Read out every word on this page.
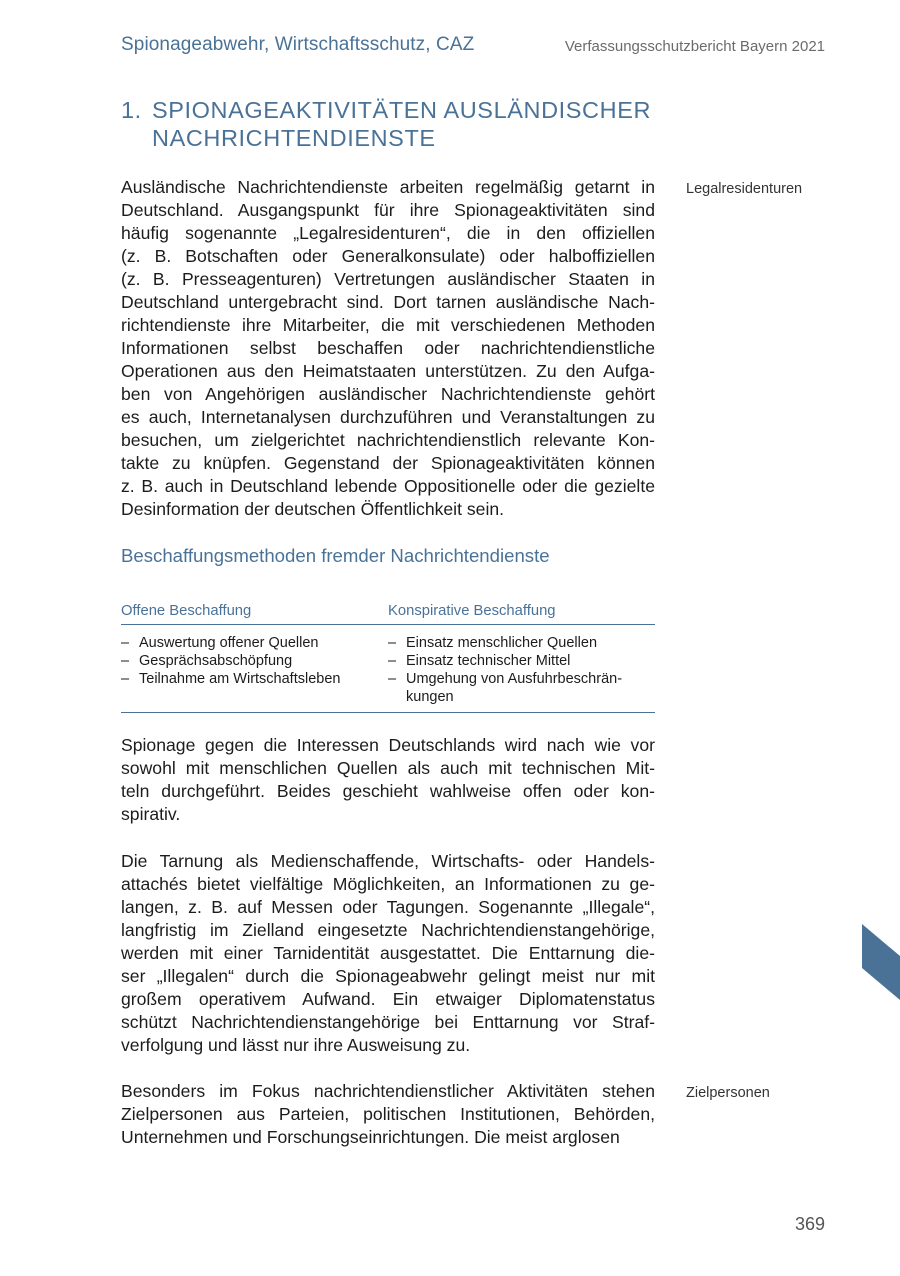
Spionageabwehr, Wirtschaftsschutz, CAZ	Verfassungsschutzbericht Bayern 2021
1. SPIONAGEAKTIVITÄTEN AUSLÄNDISCHER
NACHRICHTENDIENSTE
Ausländische Nachrichtendienste arbeiten regelmäßig getarnt in
Deutschland. Ausgangspunkt für ihre Spionageaktivitäten sind
häufig sogenannte „Legalresidenturen“, die in den offiziellen
(z. B. Botschaften oder Generalkonsulate) oder halboffiziellen
(z. B. Presseagenturen) Vertretungen ausländischer Staaten in
Deutschland untergebracht sind. Dort tarnen ausländische Nach-
richtendienste ihre Mitarbeiter, die mit verschiedenen Methoden
Informationen selbst beschaffen oder nachrichtendienstliche
Operationen aus den Heimatstaaten unterstützen. Zu den Aufga-
ben von Angehörigen ausländischer Nachrichtendienste gehört
es auch, Internetanalysen durchzuführen und Veranstaltungen zu
besuchen, um zielgerichtet nachrichtendienstlich relevante Kon-
takte zu knüpfen. Gegenstand der Spionageaktivitäten können
z. B. auch in Deutschland lebende Oppositionelle oder die gezielte
Desinformation der deutschen Öffentlichkeit sein.
Legalresidenturen
Beschaffungsmethoden fremder Nachrichtendienste
Offene Beschaffung	Konspirative Beschaffung
– Auswertung offener Quellen
– Gesprächsabschöpfung
– Teilnahme am Wirtschaftsleben
– Einsatz menschlicher Quellen
– Einsatz technischer Mittel
– Umgehung von Ausfuhrbeschrän-
kungen
Spionage gegen die Interessen Deutschlands wird nach wie vor
sowohl mit menschlichen Quellen als auch mit technischen Mit-
teln durchgeführt. Beides geschieht wahlweise offen oder kon-
spirativ.
Die Tarnung als Medienschaffende, Wirtschafts- oder Handels-
attachés bietet vielfältige Möglichkeiten, an Informationen zu ge-
langen, z. B. auf Messen oder Tagungen. Sogenannte „Illegale“,
langfristig im Zielland eingesetzte Nachrichtendienstangehörige,
werden mit einer Tarnidentität ausgestattet. Die Enttarnung die-
ser „Illegalen“ durch die Spionageabwehr gelingt meist nur mit
großem operativem Aufwand. Ein etwaiger Diplomatenstatus
schützt Nachrichtendienstangehörige bei Enttarnung vor Straf-
verfolgung und lässt nur ihre Ausweisung zu.
Besonders im Fokus nachrichtendienstlicher Aktivitäten stehen
Zielpersonen aus Parteien, politischen Institutionen, Behörden,
Unternehmen und Forschungseinrichtungen. Die meist arglosen
Zielpersonen
369
